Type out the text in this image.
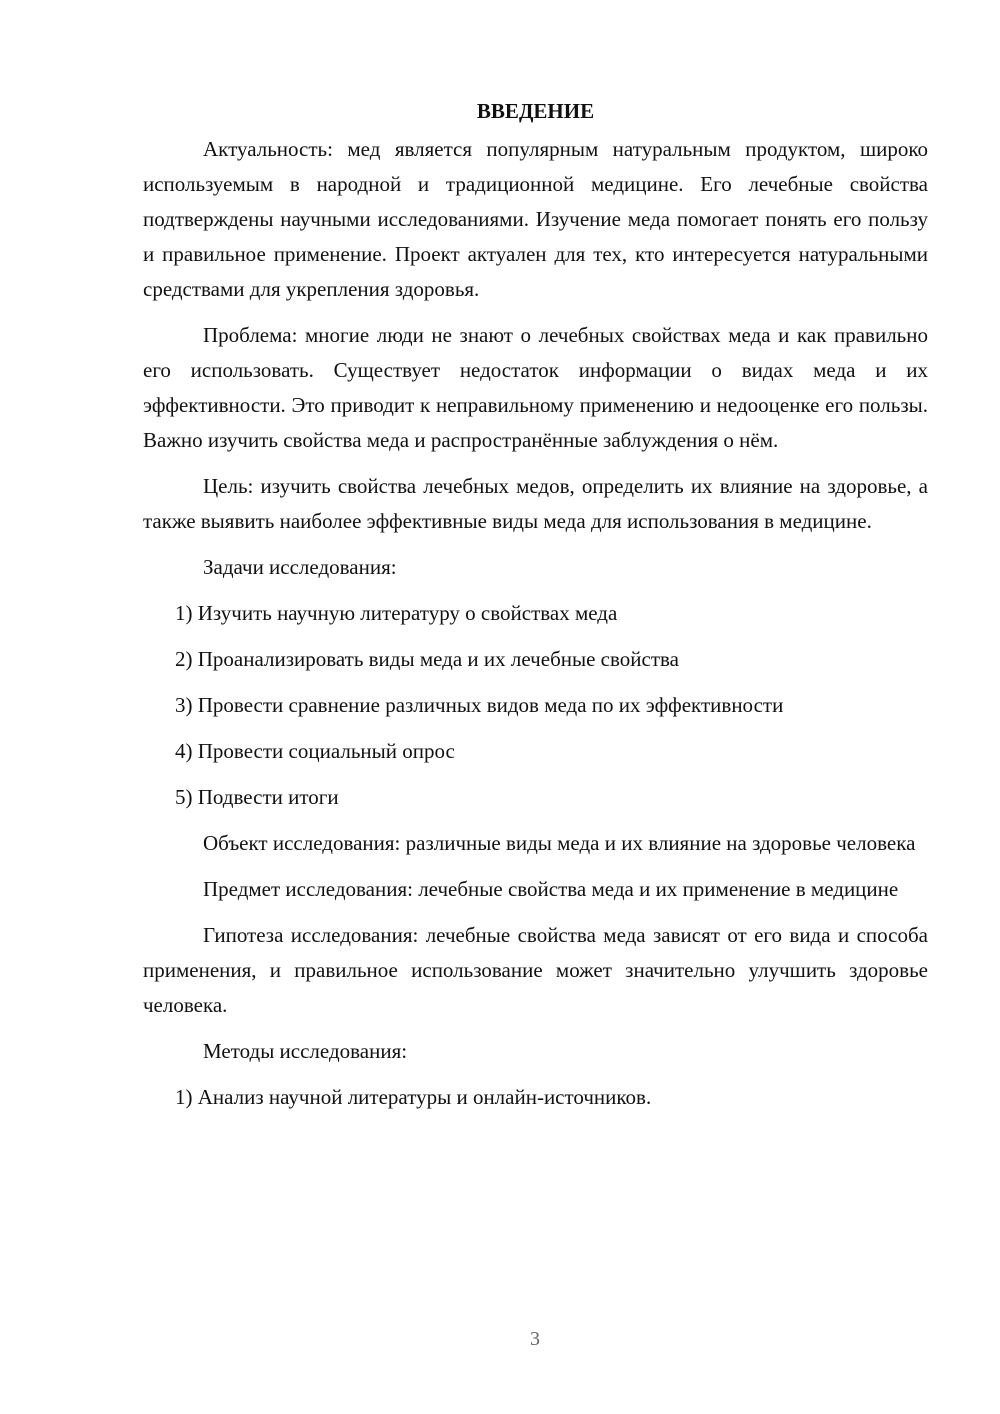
ВВЕДЕНИЕ

Актуальность: мед является популярным натуральным продуктом, широко используемым в народной и традиционной медицине. Его лечебные свойства подтверждены научными исследованиями. Изучение меда помогает понять его пользу и правильное применение. Проект актуален для тех, кто интересуется натуральными средствами для укрепления здоровья.

Проблема: многие люди не знают о лечебных свойствах меда и как правильно его использовать. Существует недостаток информации о видах меда и их эффективности. Это приводит к неправильному применению и недооценке его пользы. Важно изучить свойства меда и распространённые заблуждения о нём.

Цель: изучить свойства лечебных медов, определить их влияние на здоровье, а также выявить наиболее эффективные виды меда для использования в медицине.

Задачи исследования:

1) Изучить научную литературу о свойствах меда
2) Проанализировать виды меда и их лечебные свойства
3) Провести сравнение различных видов меда по их эффективности
4) Провести социальный опрос
5) Подвести итоги

Объект исследования: различные виды меда и их влияние на здоровье человека

Предмет исследования: лечебные свойства меда и их применение в медицине

Гипотеза исследования: лечебные свойства меда зависят от его вида и способа применения, и правильное использование может значительно улучшить здоровье человека.

Методы исследования:

1) Анализ научной литературы и онлайн-источников.
3
